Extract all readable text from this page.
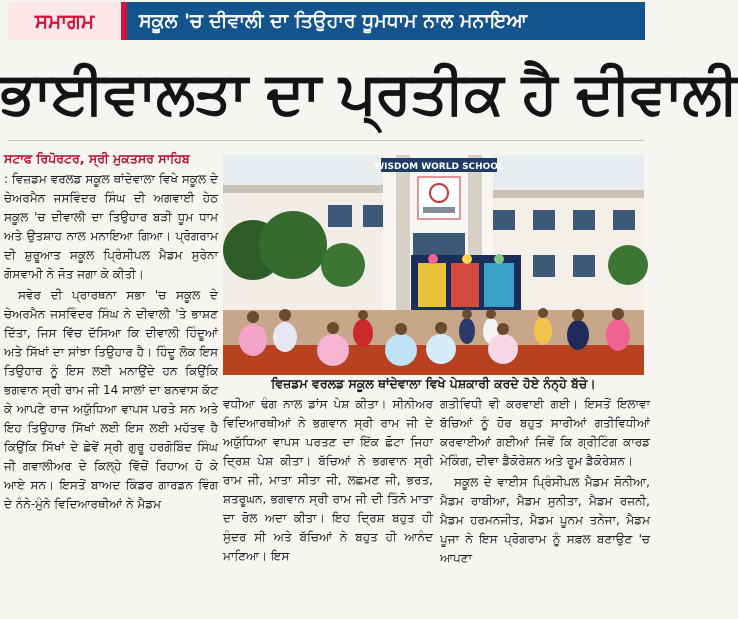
ਸਮਾਗਮ	ਸਕੂਲ 'ਚ ਦੀਵਾਲੀ ਦਾ ਤਿਉਹਾਰ ਧੂਮਧਾਮ ਨਾਲ ਮਨਾਇਆ
ਭਾਈਵਾਲਤਾ ਦਾ ਪ੍ਰਤੀਕ ਹੈ ਦੀਵਾਲੀ
ਸਟਾਫ ਰਿਪੋਰਟਰ, ਸ੍ਰੀ ਮੁਕਤਸਰ ਸਾਹਿਬ

: ਵਿਜ਼ਡਮ ਵਰਲਡ ਸਕੂਲ ਥਾਂਦੇਵਾਲਾ ਵਿਖੇ ਸਕੂਲ ਦੇ ਚੇਅਰਮੈਨ ਜਸਵਿੰਦਰ ਸਿੰਘ ਦੀ ਅਗਵਾਈ ਹੇਠ ਸਕੂਲ 'ਚ ਦੀਵਾਲੀ ਦਾ ਤਿਉਹਾਰ ਬੜੀ ਧੂਮ ਧਾਮ ਅਤੇ ਉਤਸ਼ਾਹ ਨਾਲ ਮਨਾਇਆ ਗਿਆ। ਪ੍ਰੋਗਰਾਮ ਦੀ ਸ਼ੁਰੂਆਤ ਸਕੂਲ ਪ੍ਰਿੰਸੀਪਲ ਮੈਡਮ ਸੁਰੇਨਾ ਗੋਸਵਾਮੀ ਨੇ ਜੋਤ ਜਗਾ ਕੇ ਕੀਤੀ।

ਸਵੇਰ ਦੀ ਪ੍ਰਾਰਥਨਾ ਸਭਾ 'ਚ ਸਕੂਲ ਦੇ ਚੇਅਰਮੈਨ ਜਸਵਿੰਦਰ ਸਿੰਘ ਨੇ ਦੀਵਾਲੀ 'ਤੇ ਭਾਸ਼ਣ ਦਿੱਤਾ, ਜਿਸ ਵਿੱਚ ਦੱਸਿਆ ਕਿ ਦੀਵਾਲੀ ਹਿੰਦੂਆਂ ਅਤੇ ਸਿੱਖਾਂ ਦਾ ਸਾਂਝਾ ਤਿਉਹਾਰ ਹੈ। ਹਿੰਦੂ ਲੋਕ ਇਸ ਤਿਉਹਾਰ ਨੂੰ ਇਸ ਲਈ ਮਨਾਉਂਦੇ ਹਨ ਕਿਉਂਕਿ ਭਗਵਾਨ ਸ੍ਰੀ ਰਾਮ ਜੀ 14 ਸਾਲਾਂ ਦਾ ਬਨਵਾਸ ਕੱਟ ਕੇ ਆਪਣੇ ਰਾਜ ਅਯੁੱਧਿਆ ਵਾਪਸ ਪਰਤੇ ਸਨ ਅਤੇ ਇਹ ਤਿਉਹਾਰ ਸਿੱਖਾਂ ਲਈ ਇਸ ਲਈ ਮਹੱਤਵ ਹੈ ਕਿਉਂਕਿ ਸਿੱਖਾਂ ਦੇ ਛੇਵੇਂ ਸ੍ਰੀ ਗੁਰੂ ਹਰਗੋਬਿੰਦ ਸਿੰਘ ਜੀ ਗਵਾਲੀਅਰ ਦੇ ਕਿਲ੍ਹੇ ਵਿੱਚੋਂ ਰਿਹਾਅ ਹੋ ਕੇ ਆਏ ਸਨ। ਇਸਤੋਂ ਬਾਅਦ ਕਿੰਡਰ ਗਾਰਡਨ ਵਿੰਗ ਦੇ ਨੰਨੇ-ਮੁੰਨੇ ਵਿਦਿਆਰਥੀਆਂ ਨੇ ਮੈਡਮ

WISDOM WORLD SCHOOL
ਵਿਜ਼ਡਮ ਵਰਲਡ ਸਕੂਲ ਥਾਂਦੇਵਾਲਾ ਵਿਖੇ ਪੇਸ਼ਕਾਰੀ ਕਰਦੇ ਹੋਏ ਨੰਨ੍ਹੇ ਬੱਚੇ।

ਵਧੀਆ ਢੰਗ ਨਾਲ ਡਾਂਸ ਪੇਸ਼ ਕੀਤਾ। ਸੀਨੀਅਰ ਵਿਦਿਆਰਥੀਆਂ ਨੇ ਭਗਵਾਨ ਸ੍ਰੀ ਰਾਮ ਜੀ ਦੇ ਅਯੁੱਧਿਆ ਵਾਪਸ ਪਰਤਣ ਦਾ ਇੱਕ ਛੋਟਾ ਜਿਹਾ ਦ੍ਰਿਸ਼ ਪੇਸ਼ ਕੀਤਾ। ਬੱਚਿਆਂ ਨੇ ਭਗਵਾਨ ਸ੍ਰੀ ਰਾਮ ਜੀ, ਮਾਤਾ ਸੀਤਾ ਜੀ, ਲਛਮਣ ਜੀ, ਭਰਤ, ਸ਼ਤਰੂਘਨ, ਭਗਵਾਨ ਸ੍ਰੀ ਰਾਮ ਜੀ ਦੀ ਤਿੰਨੋ ਮਾਤਾ ਦਾ ਰੋਲ ਅਦਾ ਕੀਤਾ। ਇਹ ਦ੍ਰਿਸ਼ ਬਹੁਤ ਹੀ ਸੁੰਦਰ ਸੀ ਅਤੇ ਬੱਚਿਆਂ ਨੇ ਬਹੁਤ ਹੀ ਆਨੰਦ ਮਾਣਿਆ। ਇਸ

ਗਤੀਵਿਧੀ ਵੀ ਕਰਵਾਈ ਗਈ। ਇਸਤੋਂ ਇਲਾਵਾ ਬੱਚਿਆਂ ਨੂੰ ਹੋਰ ਬਹੁਤ ਸਾਰੀਆਂ ਗਤੀਵਿਧੀਆਂ ਕਰਵਾਈਆਂ ਗਈਆਂ ਜਿਵੇਂ ਕਿ ਗ੍ਰੀਟਿੰਗ ਕਾਰਡ ਮੇਕਿੰਗ, ਦੀਵਾ ਡੈਕੋਰੇਸ਼ਨ ਅਤੇ ਰੂਮ ਡੈਕੋਰੇਸ਼ਨ।

ਸਕੂਲ ਦੇ ਵਾਈਸ ਪ੍ਰਿੰਸੀਪਲ ਮੈਡਮ ਸੋਨੀਆ, ਮੈਡਮ ਰਾਬੀਆ, ਮੈਡਮ ਸੁਨੀਤਾ, ਮੈਡਮ ਰਜਨੀ, ਮੈਡਮ ਹਰਮਨਜੀਤ, ਮੈਡਮ ਪੂਨਮ ਤਨੇਜਾ, ਮੈਡਮ ਪੂਜਾ ਨੇ ਇਸ ਪ੍ਰੋਗਰਾਮ ਨੂੰ ਸਫ਼ਲ ਬਣਾਉਣ 'ਚ ਆਪਣਾ
